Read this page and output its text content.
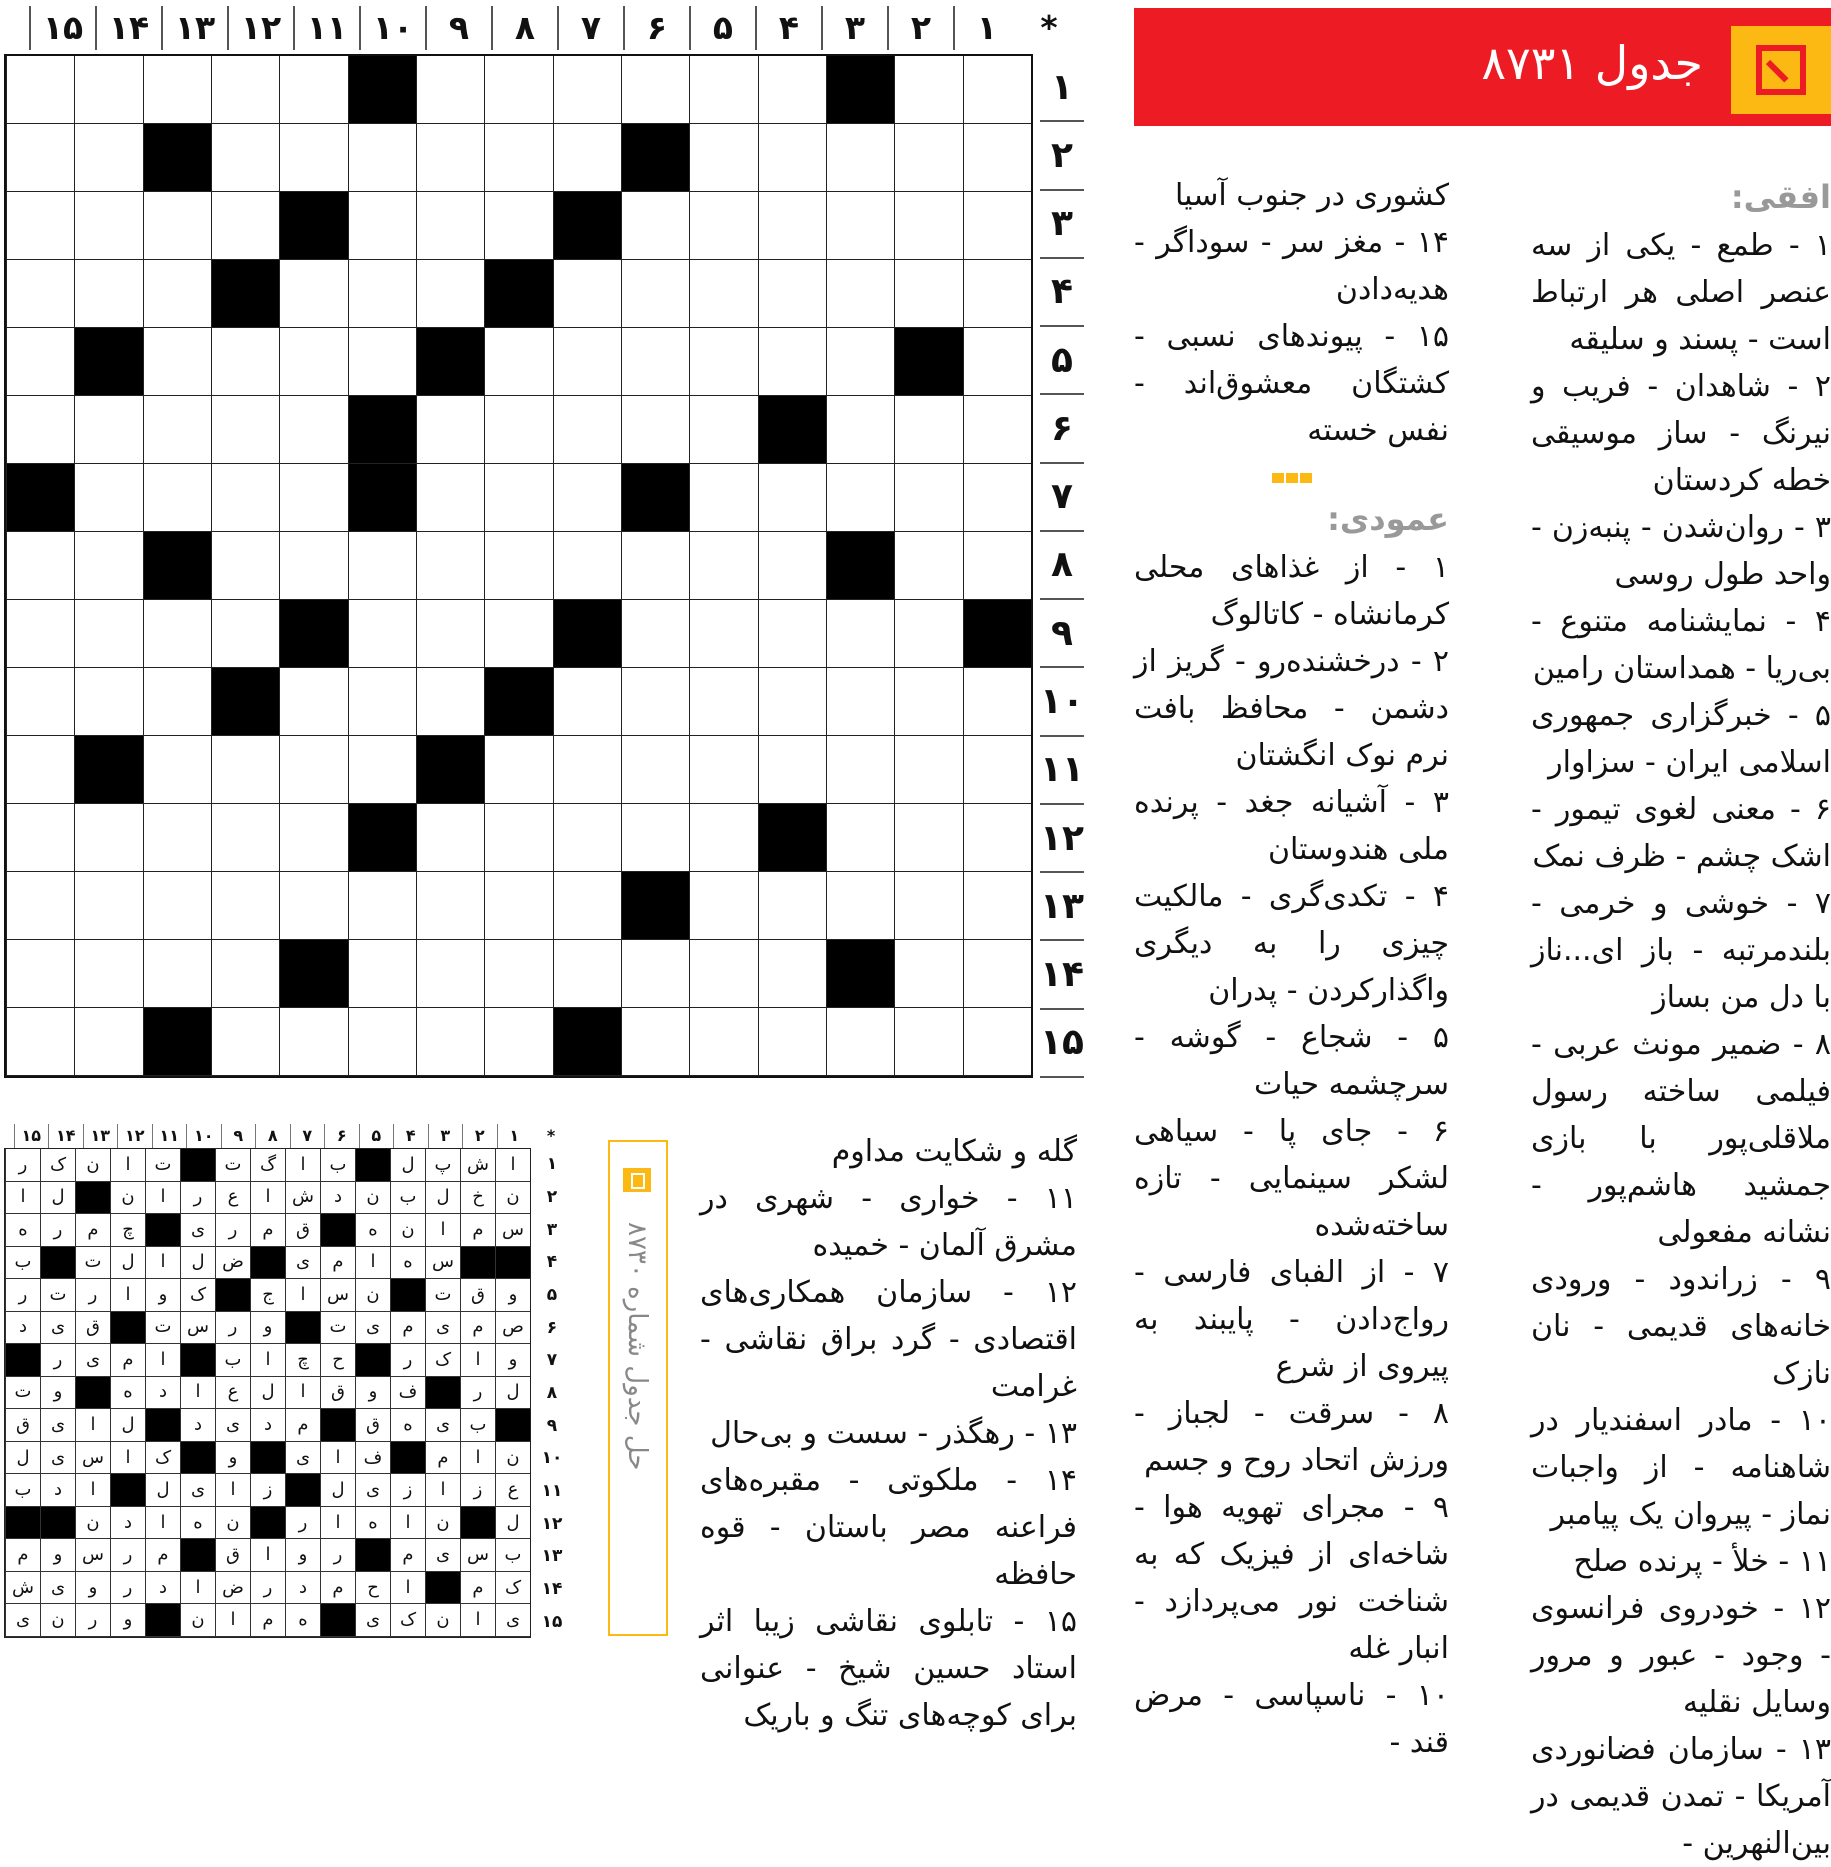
*
۱
۲
۳
۴
۵
۶
۷
۸
۹
۱۰
۱۱
۱۲
۱۳
۱۴
۱۵
۱
۲
۳
۴
۵
۶
۷
۸
۹
۱۰
۱۱
۱۲
۱۳
۱۴
۱۵
جدول ۸۷۳۱
افقی:

۱ - طمع - یکی از سه عنصر اصلی هر ارتباط است - پسند و سلیقه

۲ - شاهدان - فریب و نیرنگ - ساز موسیقی خطه کردستان

۳ - روان‌شدن - پنبه‌زن - واحد طول روسی

۴ - نمایشنامه متنوع - بی‌ریا - همداستان رامین

۵ - خبرگزاری جمهوری اسلامی ایران - سزاوار

۶ - معنی لغوی تیمور - اشک چشم - ظرف نمک

۷ - خوشی و خرمی - بلندمرتبه - باز ای...ناز با دل من بساز

۸ - ضمیر مونث عربی - فیلمی ساخته رسول ملاقلی‌پور با بازی جمشید هاشم‌پور - نشانه مفعولی

۹ - زراندود - ورودی خانه‌های قدیمی - نان نازک

۱۰ - مادر اسفندیار در شاهنامه - از واجبات نماز - پیروان یک پیامبر

۱۱ - خلأ - پرنده صلح

۱۲ - خودروی فرانسوی - وجود - عبور و مرور وسایل نقلیه

۱۳ - سازمان فضانوردی آمریکا - تمدن قدیمی در بین‌النهرین -

کشوری در جنوب آسیا

۱۴ - مغز سر - سوداگر - هدیه‌دادن

۱۵ - پیوندهای نسبی - کشتگان معشوق‌اند - نفس خسته

عمودی:

۱ - از غذاهای محلی کرمانشاه - کاتالوگ

۲ - درخشنده‌رو - گریز از دشمن - محافظ بافت نرم نوک انگشتان

۳ - آشیانه جغد - پرنده ملی هندوستان

۴ - تکدی‌گری - مالکیت چیزی را به دیگری واگذارکردن - پدران

۵ - شجاع - گوشه - سرچشمه حیات

۶ - جای پا - سیاهی لشکر سینمایی - تازه ساخته‌شده

۷ - از الفبای فارسی - رواج‌دادن - پایبند به پیروی از شرع

۸ - سرقت - لجباز - ورزش اتحاد روح و جسم

۹ - مجرای تهویه هوا - شاخه‌ای از فیزیک که به شناخت نور می‌پردازد - انبار غله

۱۰ - ناسپاسی - مرض قند -

گله و شکایت مداوم

۱۱ - خواری - شهری در مشرق آلمان - خمیده

۱۲ - سازمان همکاری‌های اقتصادی - گرد براق نقاشی - غرامت

۱۳ - رهگذر - سست و بی‌حال

۱۴ - ملکوتی - مقبره‌های فراعنه مصر باستان - قوه حافظه

۱۵ - تابلوی نقاشی زیبا اثر استاد حسین شیخ - عنوانی برای کوچه‌های تنگ و باریک

حل جدول شماره ۸۷۳۰
*
۱
۲
۳
۴
۵
۶
۷
۸
۹
۱۰
۱۱
۱۲
۱۳
۱۴
۱۵
ا
ش
پ
ل
ب
ا
گ
ت
ت
ا
ن
ک
ر
ن
خ
ل
ب
ن
د
ش
ا
ع
ر
ا
ن
ل
ا
س
م
ا
ن
ه
ق
م
ر
ی
چ
م
ر
ه
س
ه
ا
م
ی
ض
ل
ا
ل
ت
ب
و
ق
ت
ن
س
ا
ج
ک
و
ا
ر
ت
ر
ص
م
ی
م
ی
ت
و
ر
س
ت
ق
ی
د
و
ا
ک
ر
ح
چ
ا
ب
ا
م
ی
ر
ل
ر
ف
و
ق
ا
ل
ع
ا
د
ه
و
ت
ب
ی
ه
ق
م
د
ی
د
ل
ا
ی
ق
ن
ا
م
ف
ا
ی
و
ک
ا
س
ی
ل
ع
ز
ا
ز
ی
ل
ز
ا
ی
ل
ا
د
ب
ل
ن
ا
ه
ا
ر
ن
ه
ا
د
ن
ب
س
ی
م
ر
و
ا
ق
م
ر
س
و
م
ک
م
ا
ح
م
د
ر
ض
ا
د
ر
و
ی
ش
ی
ا
ن
ک
ی
ه
م
ا
ن
و
ر
ن
ی
۱
۲
۳
۴
۵
۶
۷
۸
۹
۱۰
۱۱
۱۲
۱۳
۱۴
۱۵
